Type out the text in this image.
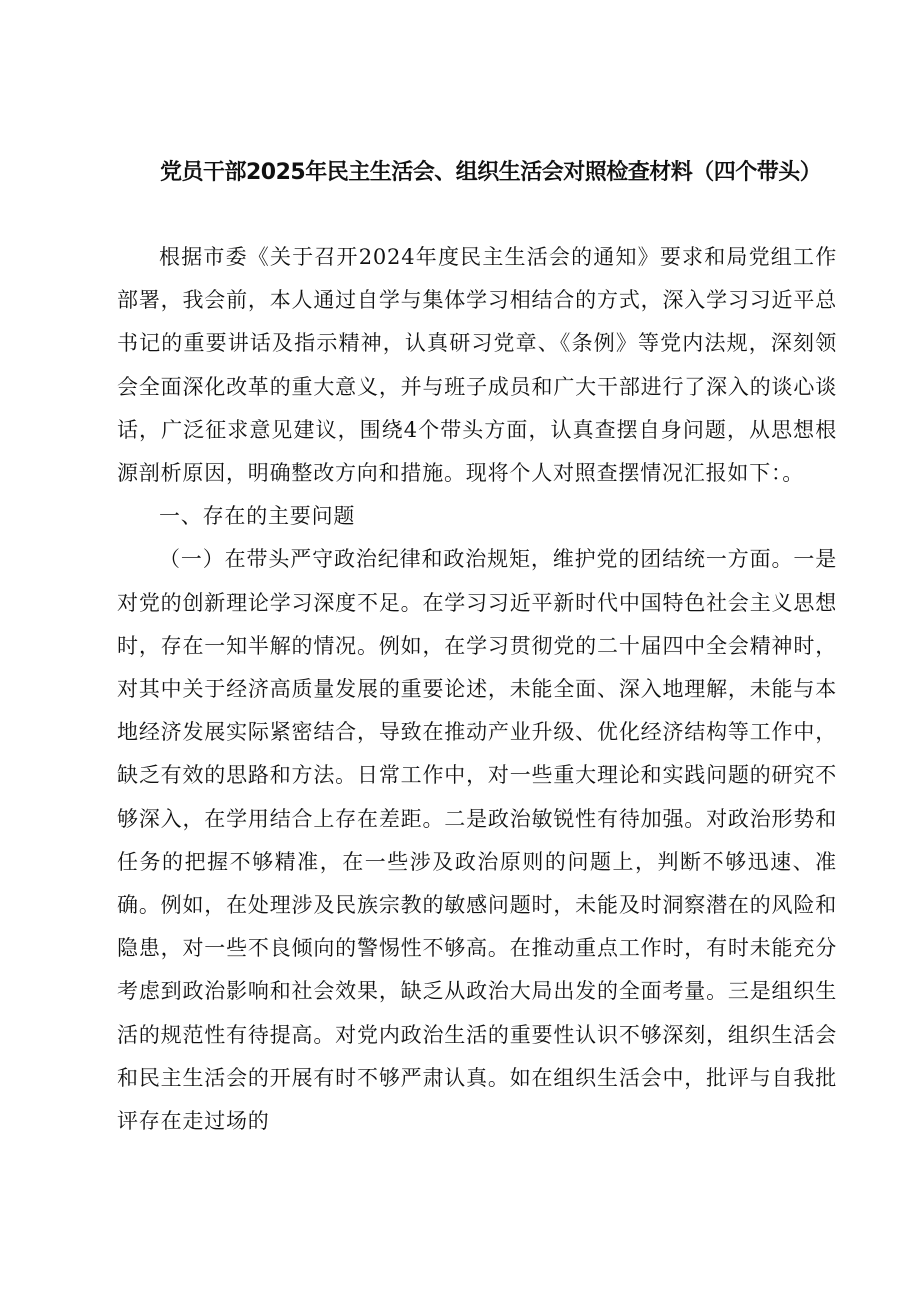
党员干部2025年民主生活会、组织生活会对照检查材料（四个带头）

根据市委《关于召开2024年度民主生活会的通知》要求和局党组工作部署，我会前，本人通过自学与集体学习相结合的方式，深入学习习近平总书记的重要讲话及指示精神，认真研习党章、《条例》等党内法规，深刻领会全面深化改革的重大意义，并与班子成员和广大干部进行了深入的谈心谈话，广泛征求意见建议，围绕4个带头方面，认真查摆自身问题，从思想根源剖析原因，明确整改方向和措施。现将个人对照查摆情况汇报如下：。

一、存在的主要问题

（一）在带头严守政治纪律和政治规矩，维护党的团结统一方面。一是对党的创新理论学习深度不足。在学习习近平新时代中国特色社会主义思想时，存在一知半解的情况。例如，在学习贯彻党的二十届四中全会精神时，对其中关于经济高质量发展的重要论述，未能全面、深入地理解，未能与本地经济发展实际紧密结合，导致在推动产业升级、优化经济结构等工作中，缺乏有效的思路和方法。日常工作中，对一些重大理论和实践问题的研究不够深入，在学用结合上存在差距。二是政治敏锐性有待加强。对政治形势和任务的把握不够精准，在一些涉及政治原则的问题上，判断不够迅速、准确。例如，在处理涉及民族宗教的敏感问题时，未能及时洞察潜在的风险和隐患，对一些不良倾向的警惕性不够高。在推动重点工作时，有时未能充分考虑到政治影响和社会效果，缺乏从政治大局出发的全面考量。三是组织生活的规范性有待提高。对党内政治生活的重要性认识不够深刻，组织生活会和民主生活会的开展有时不够严肃认真。如在组织生活会中，批评与自我批评存在走过场的
